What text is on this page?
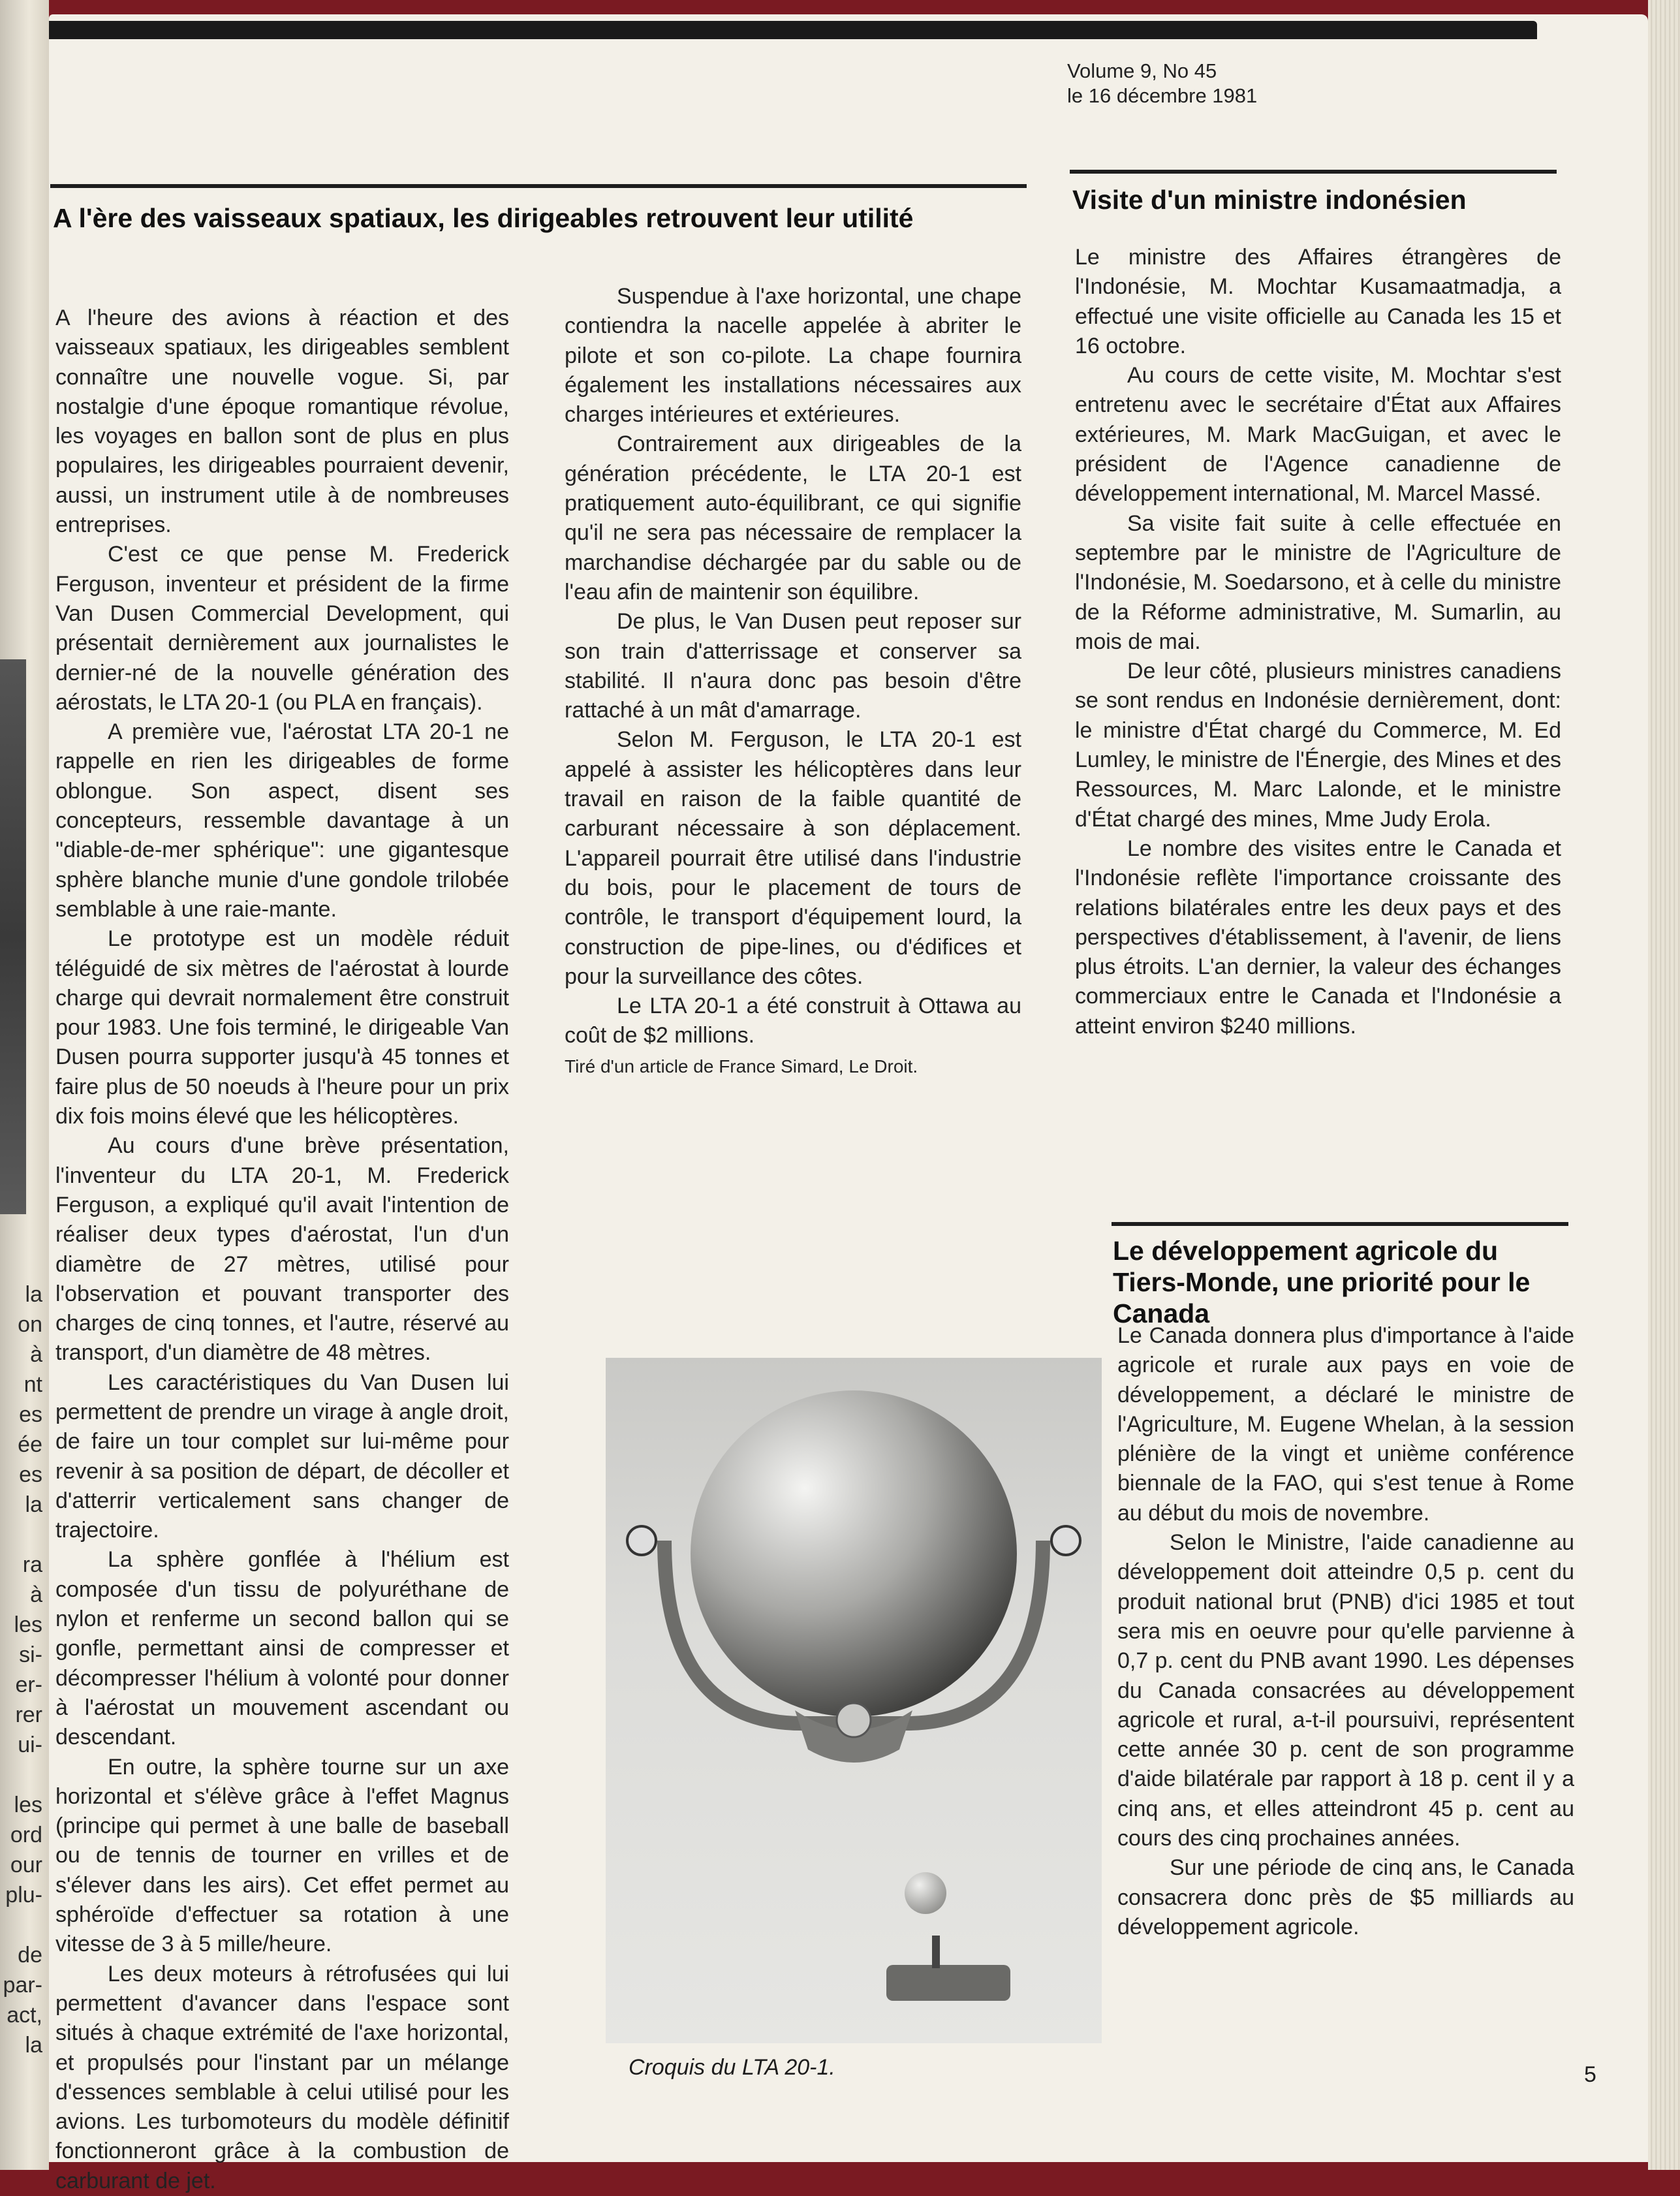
la
on
à
nt
es
ée
es
la

ra
à
les
si-
er-
rer
ui-

les
ord
our
plu-

de
par-
act,
la
Volume 9, No 45
le 16 décembre 1981
A l'ère des vaisseaux spatiaux, les dirigeables retrouvent leur utilité

A l'heure des avions à réaction et des vaisseaux spatiaux, les dirigeables semblent connaître une nouvelle vogue. Si, par nostalgie d'une époque romantique révolue, les voyages en ballon sont de plus en plus populaires, les dirigeables pourraient devenir, aussi, un instrument utile à de nombreuses entreprises.

C'est ce que pense M. Frederick Ferguson, inventeur et président de la firme Van Dusen Commercial Development, qui présentait dernièrement aux journalistes le dernier-né de la nouvelle génération des aérostats, le LTA 20-1 (ou PLA en français).

A première vue, l'aérostat LTA 20-1 ne rappelle en rien les dirigeables de forme oblongue. Son aspect, disent ses concepteurs, ressemble davantage à un "diable-de-mer sphérique": une gigantesque sphère blanche munie d'une gondole trilobée semblable à une raie-mante.

Le prototype est un modèle réduit téléguidé de six mètres de l'aérostat à lourde charge qui devrait normalement être construit pour 1983. Une fois terminé, le dirigeable Van Dusen pourra supporter jusqu'à 45 tonnes et faire plus de 50 noeuds à l'heure pour un prix dix fois moins élevé que les hélicoptères.

Au cours d'une brève présentation, l'inventeur du LTA 20-1, M. Frederick Ferguson, a expliqué qu'il avait l'intention de réaliser deux types d'aérostat, l'un d'un diamètre de 27 mètres, utilisé pour l'observation et pouvant transporter des charges de cinq tonnes, et l'autre, réservé au transport, d'un diamètre de 48 mètres.

Les caractéristiques du Van Dusen lui permettent de prendre un virage à angle droit, de faire un tour complet sur lui-même pour revenir à sa position de départ, de décoller et d'atterrir verticalement sans changer de trajectoire.

La sphère gonflée à l'hélium est composée d'un tissu de polyuréthane de nylon et renferme un second ballon qui se gonfle, permettant ainsi de compresser et décompresser l'hélium à volonté pour donner à l'aérostat un mouvement ascendant ou descendant.

En outre, la sphère tourne sur un axe horizontal et s'élève grâce à l'effet Magnus (principe qui permet à une balle de baseball ou de tennis de tourner en vrilles et de s'élever dans les airs). Cet effet permet au sphéroïde d'effectuer sa rotation à une vitesse de 3 à 5 mille/heure.

Les deux moteurs à rétrofusées qui lui permettent d'avancer dans l'espace sont situés à chaque extrémité de l'axe horizontal, et propulsés pour l'instant par un mélange d'essences semblable à celui utilisé pour les avions. Les turbomoteurs du modèle définitif fonctionneront grâce à la combustion de carburant de jet.

Suspendue à l'axe horizontal, une chape contiendra la nacelle appelée à abriter le pilote et son co-pilote. La chape fournira également les installations nécessaires aux charges intérieures et extérieures.

Contrairement aux dirigeables de la génération précédente, le LTA 20-1 est pratiquement auto-équilibrant, ce qui signifie qu'il ne sera pas nécessaire de remplacer la marchandise déchargée par du sable ou de l'eau afin de maintenir son équilibre.

De plus, le Van Dusen peut reposer sur son train d'atterrissage et conserver sa stabilité. Il n'aura donc pas besoin d'être rattaché à un mât d'amarrage.

Selon M. Ferguson, le LTA 20-1 est appelé à assister les hélicoptères dans leur travail en raison de la faible quantité de carburant nécessaire à son déplacement. L'appareil pourrait être utilisé dans l'industrie du bois, pour le placement de tours de contrôle, le transport d'équipement lourd, la construction de pipe-lines, ou d'édifices et pour la surveillance des côtes.

Le LTA 20-1 a été construit à Ottawa au coût de $2 millions.

Tiré d'un article de France Simard, Le Droit.
Croquis du LTA 20-1.
Visite d'un ministre indonésien

Le ministre des Affaires étrangères de l'Indonésie, M. Mochtar Kusamaatmadja, a effectué une visite officielle au Canada les 15 et 16 octobre.

Au cours de cette visite, M. Mochtar s'est entretenu avec le secrétaire d'État aux Affaires extérieures, M. Mark MacGuigan, et avec le président de l'Agence canadienne de développement international, M. Marcel Massé.

Sa visite fait suite à celle effectuée en septembre par le ministre de l'Agriculture de l'Indonésie, M. Soedarsono, et à celle du ministre de la Réforme administrative, M. Sumarlin, au mois de mai.

De leur côté, plusieurs ministres canadiens se sont rendus en Indonésie dernièrement, dont: le ministre d'État chargé du Commerce, M. Ed Lumley, le ministre de l'Énergie, des Mines et des Ressources, M. Marc Lalonde, et le ministre d'État chargé des mines, Mme Judy Erola.

Le nombre des visites entre le Canada et l'Indonésie reflète l'importance croissante des relations bilatérales entre les deux pays et des perspectives d'établissement, à l'avenir, de liens plus étroits. L'an dernier, la valeur des échanges commerciaux entre le Canada et l'Indonésie a atteint environ $240 millions.

Le développement agricole du Tiers-Monde, une priorité pour le Canada

Le Canada donnera plus d'importance à l'aide agricole et rurale aux pays en voie de développement, a déclaré le ministre de l'Agriculture, M. Eugene Whelan, à la session plénière de la vingt et unième conférence biennale de la FAO, qui s'est tenue à Rome au début du mois de novembre.

Selon le Ministre, l'aide canadienne au développement doit atteindre 0,5 p. cent du produit national brut (PNB) d'ici 1985 et tout sera mis en oeuvre pour qu'elle parvienne à 0,7 p. cent du PNB avant 1990. Les dépenses du Canada consacrées au développement agricole et rural, a-t-il poursuivi, représentent cette année 30 p. cent de son programme d'aide bilatérale par rapport à 18 p. cent il y a cinq ans, et elles atteindront 45 p. cent au cours des cinq prochaines années.

Sur une période de cinq ans, le Canada consacrera donc près de $5 milliards au développement agricole.

5
